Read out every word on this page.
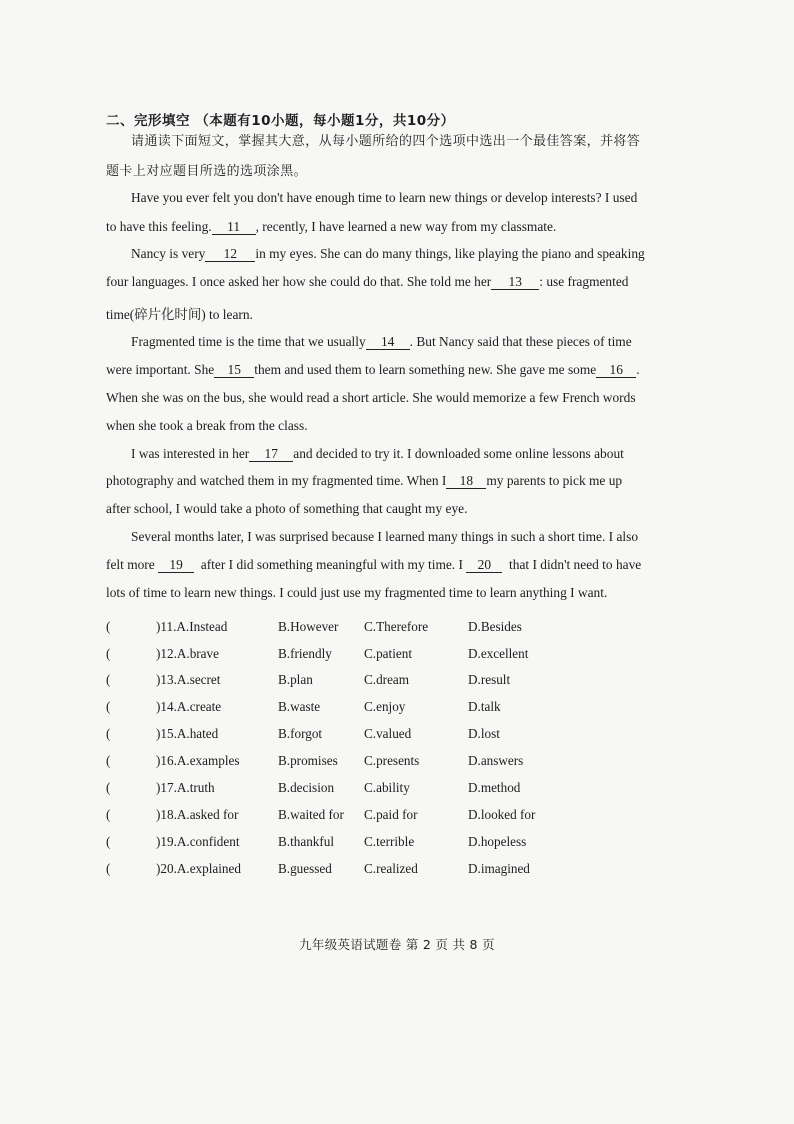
二、完形填空 （本题有10小题，每小题1分，共10分）
请通读下面短文，掌握其大意，从每小题所给的四个选项中选出一个最佳答案，并将答
题卡上对应题目所选的选项涂黑。
Have you ever felt you don't have enough time to learn new things or develop interests? I used
to have this feeling. 11 , recently, I have learned a new way from my classmate.
Nancy is very 12 in my eyes. She can do many things, like playing the piano and speaking
four languages. I once asked her how she could do that. She told me her 13 : use fragmented
time(碎片化时间) to learn.
Fragmented time is the time that we usually 14 . But Nancy said that these pieces of time
were important. She 15 them and used them to learn something new. She gave me some 16 .
When she was on the bus, she would read a short article. She would memorize a few French words
when she took a break from the class.
I was interested in her 17 and decided to try it. I downloaded some online lessons about
photography and watched them in my fragmented time. When I 18 my parents to pick me up
after school, I would take a photo of something that caught my eye.
Several months later, I was surprised because I learned many things in such a short time. I also
felt more 19 after I did something meaningful with my time. I 20 that I didn't need to have
lots of time to learn new things. I could just use my fragmented time to learn anything I want.
(	)11.A.Instead	B.However C.Therefore	D.Besides
(	)12.A.brave	B.friendly C.patient	D.excellent
(	)13.A.secret	B.plan	C.dream	D.result
(	)14.A.create	B.waste	C.enjoy	D.talk
(	)15.A.hated	B.forgot	C.valued	D.lost
(	)16.A.examples	B.promises C.presents	D.answers
(	)17.A.truth	B.decision C.ability	D.method
(	)18.A.asked for	B.waited for C.paid for	D.looked for
(	)19.A.confident	B.thankful C.terrible	D.hopeless
(	)20.A.explained	B.guessed C.realized	D.imagined
九年级英语试题卷 第 2 页 共 8 页
